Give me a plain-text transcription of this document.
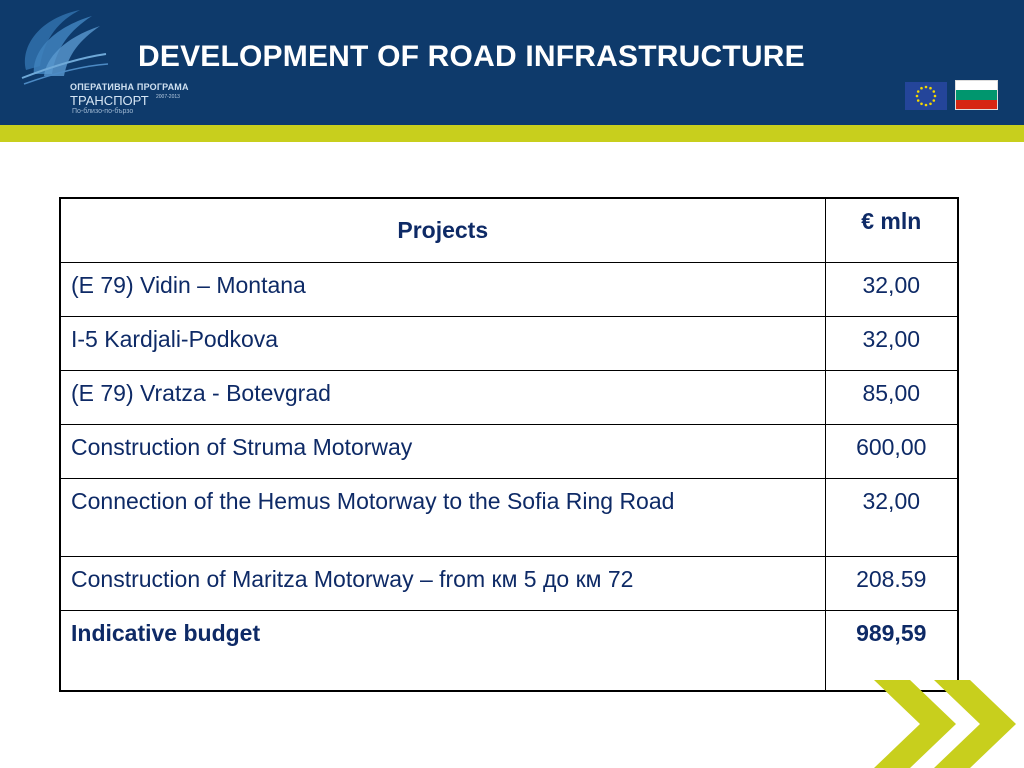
ОПЕРАТИВНА ПРОГРАМА
ТРАНСПОРТ 2007-2013
По-близо-по-бързо
DEVELOPMENT OF ROAD INFRASTRUCTURE
Projects	€ mln
(E 79) Vidin – Montana	32,00
I-5 Kardjali-Podkova	32,00
(E 79) Vratza - Botevgrad	85,00
Construction of Struma Motorway	600,00
Connection of the Hemus Motorway to the Sofia Ring Road	32,00
Construction of Maritza Motorway – from км 5 до км 72	208.59
Indicative budget	989,59
